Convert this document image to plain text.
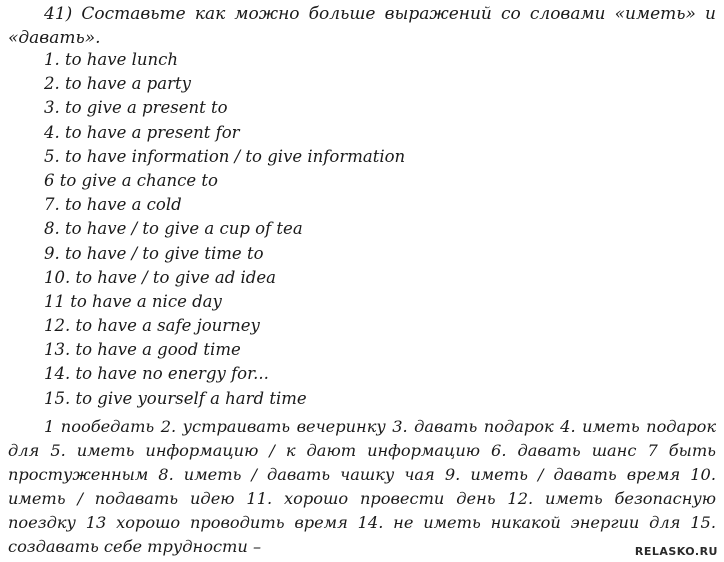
41) Составьте как можно больше выражений со словами «иметь» и «давать».
1. to have lunch
2. to have a party
3. to give a present to
4. to have a present for
5. to have information / to give information
6 to give a chance to
7. to have a cold
8. to have / to give a cup of tea
9. to have / to give time to
10. to have / to give ad idea
11 to have a nice day
12. to have a safe journey
13. to have a good time
14. to have no energy for...
15. to give yourself a hard time

1 пообедать 2. устраивать вечеринку 3. давать подарок 4. иметь подарок для 5. иметь информацию / к дают информацию 6. давать шанс 7 быть простуженным 8. иметь / давать чашку чая 9. иметь / давать время 10. иметь / подавать идею 11. хорошо провести день 12. иметь безопасную поездку 13 хорошо проводить время 14. не иметь никакой энергии для 15. создавать себе трудности –	RELASKO.RU
